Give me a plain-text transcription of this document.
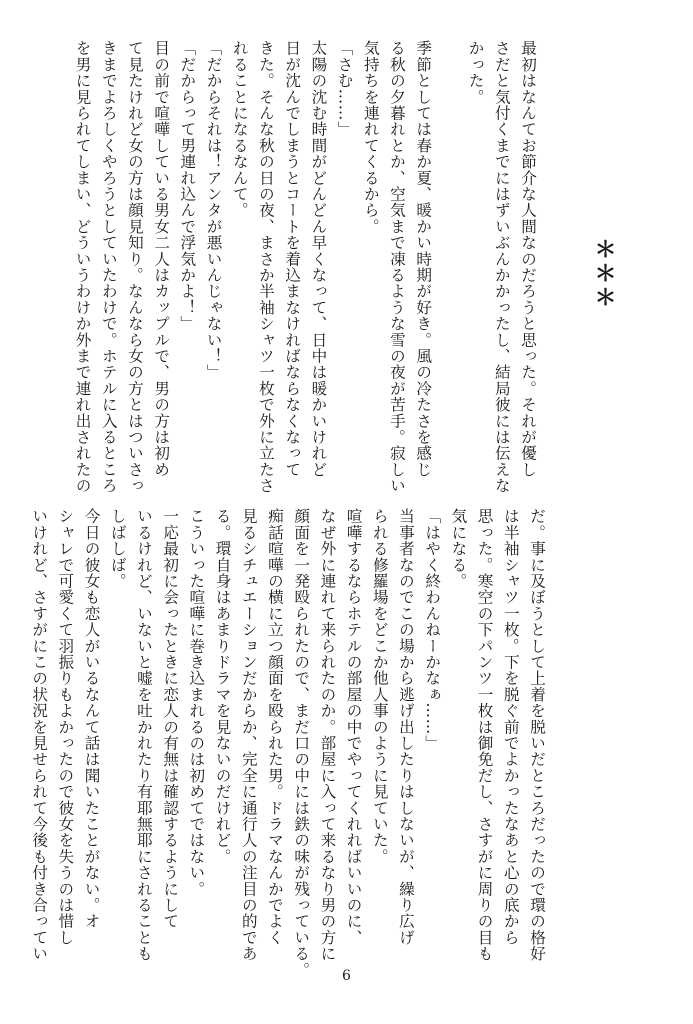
＊＊＊

最初はなんてお節介な人間なのだろうと思った。それが優し

さだと気付くまでにはずいぶんかかったし、結局彼には伝えな

かった。

季節としては春か夏、暖かい時期が好き。風の冷たさを感じ

る秋の夕暮れとか、空気まで凍るような雪の夜が苦手。寂しい

気持ちを連れてくるから。

「さむ……」

太陽の沈む時間がどんどん早くなって、日中は暖かいけれど

日が沈んでしまうとコートを着込まなければならなくなって

きた。そんな秋の日の夜、まさか半袖シャツ一枚で外に立たさ

れることになるなんて。

「だからそれは！アンタが悪いんじゃない！」

「だからって男連れ込んで浮気かよ！」

目の前で喧嘩している男女二人はカップルで、男の方は初め

て見たけれど女の方は顔見知り。なんなら女の方とはついさっ

きまでよろしくやろうとしていたわけで。ホテルに入るところ

を男に見られてしまい、どういうわけか外まで連れ出されたの

だ。事に及ぼうとして上着を脱いだところだったので環の格好

は半袖シャツ一枚。下を脱ぐ前でよかったなあと心の底から

思った。寒空の下パンツ一枚は御免だし、さすがに周りの目も

気になる。

「はやく終わんねーかなぁ……」

当事者なのでこの場から逃げ出したりはしないが、繰り広げ

られる修羅場をどこか他人事のように見ていた。

喧嘩するならホテルの部屋の中でやってくれればいいのに、

なぜ外に連れて来られたのか。部屋に入って来るなり男の方に

顔面を一発殴られたので、まだ口の中には鉄の味が残っている。

痴話喧嘩の横に立つ顔面を殴られた男。ドラマなんかでよく

見るシチュエーションだからか、完全に通行人の注目の的であ

る。環自身はあまりドラマを見ないのだけれど。

こういった喧嘩に巻き込まれるのは初めてではない。

一応最初に会ったときに恋人の有無は確認するようにして

いるけれど、いないと嘘を吐かれたり有耶無耶にされることも

しばしば。

今日の彼女も恋人がいるなんて話は聞いたことがない。オ

シャレで可愛くて羽振りもよかったので彼女を失うのは惜し

いけれど、さすがにこの状況を見せられて今後も付き合ってい

6
